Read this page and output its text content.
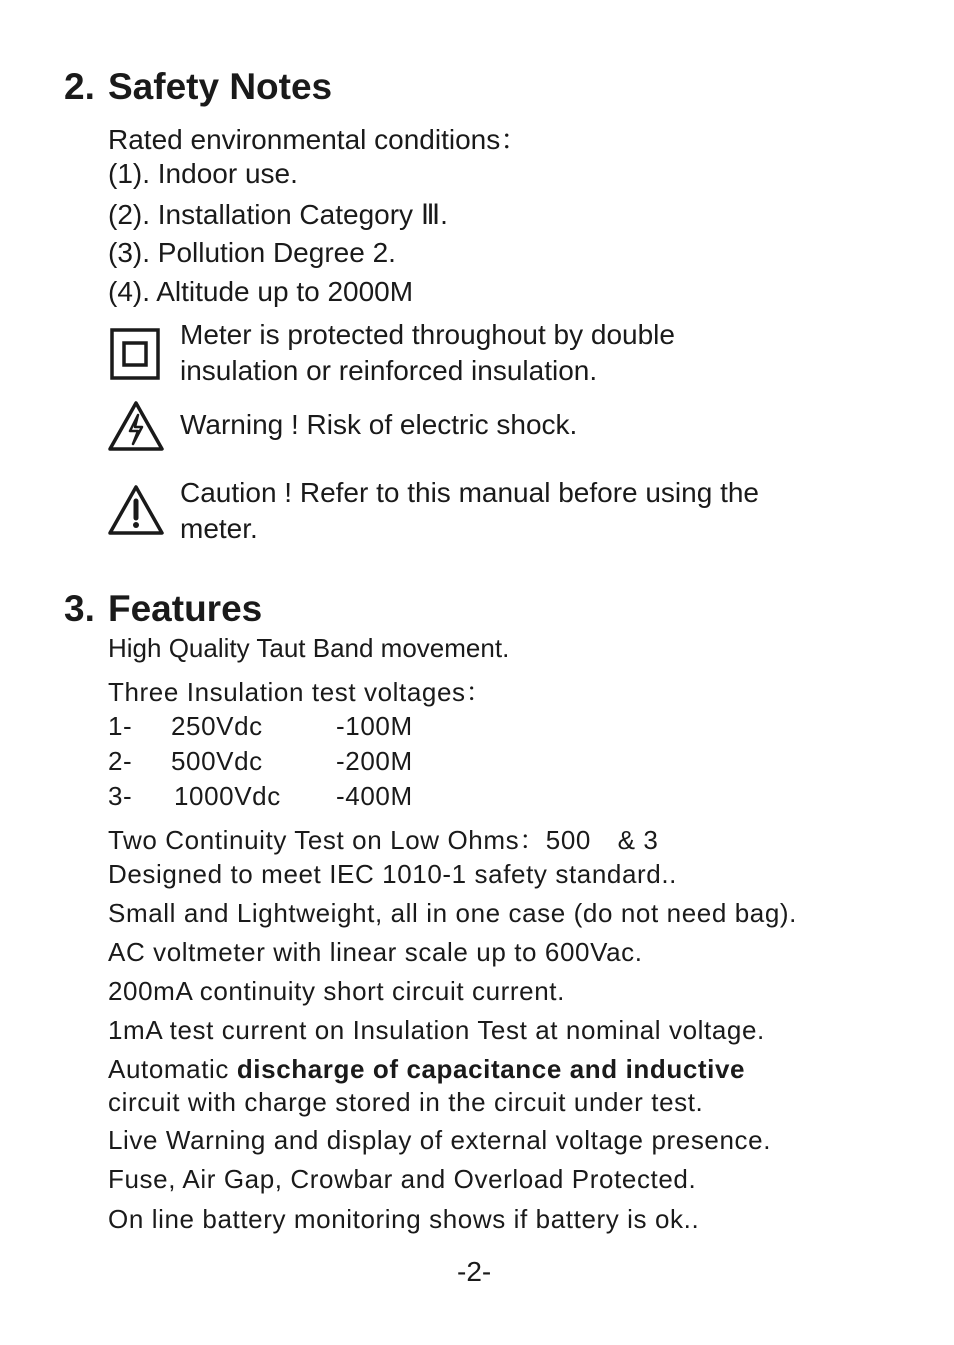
2. Safety Notes
Rated environmental conditions：
(1). Indoor use.
(2). Installation Category Ⅲ.
(3). Pollution Degree 2.
(4). Altitude up to 2000M
Meter is protected throughout by double
insulation or reinforced insulation.
Warning ! Risk of electric shock.
Caution ! Refer to this manual before using the
meter.
3. Features
High Quality Taut Band movement.
Three Insulation test voltages：
1- 250Vdc	-100M
2- 500Vdc	-200M
3- 1000Vdc -400M
Two Continuity Test on Low Ohms：500　& 3
Designed to meet IEC 1010-1 safety standard..
Small and Lightweight, all in one case (do not need bag).
AC voltmeter with linear scale up to 600Vac.
200mA continuity short circuit current.
1mA test current on Insulation Test at nominal voltage.
Automatic discharge of capacitance and inductive
circuit with charge stored in the circuit under test.
Live Warning and display of external voltage presence.
Fuse, Air Gap, Crowbar and Overload Protected.
On line battery monitoring shows if battery is ok..
-2-
